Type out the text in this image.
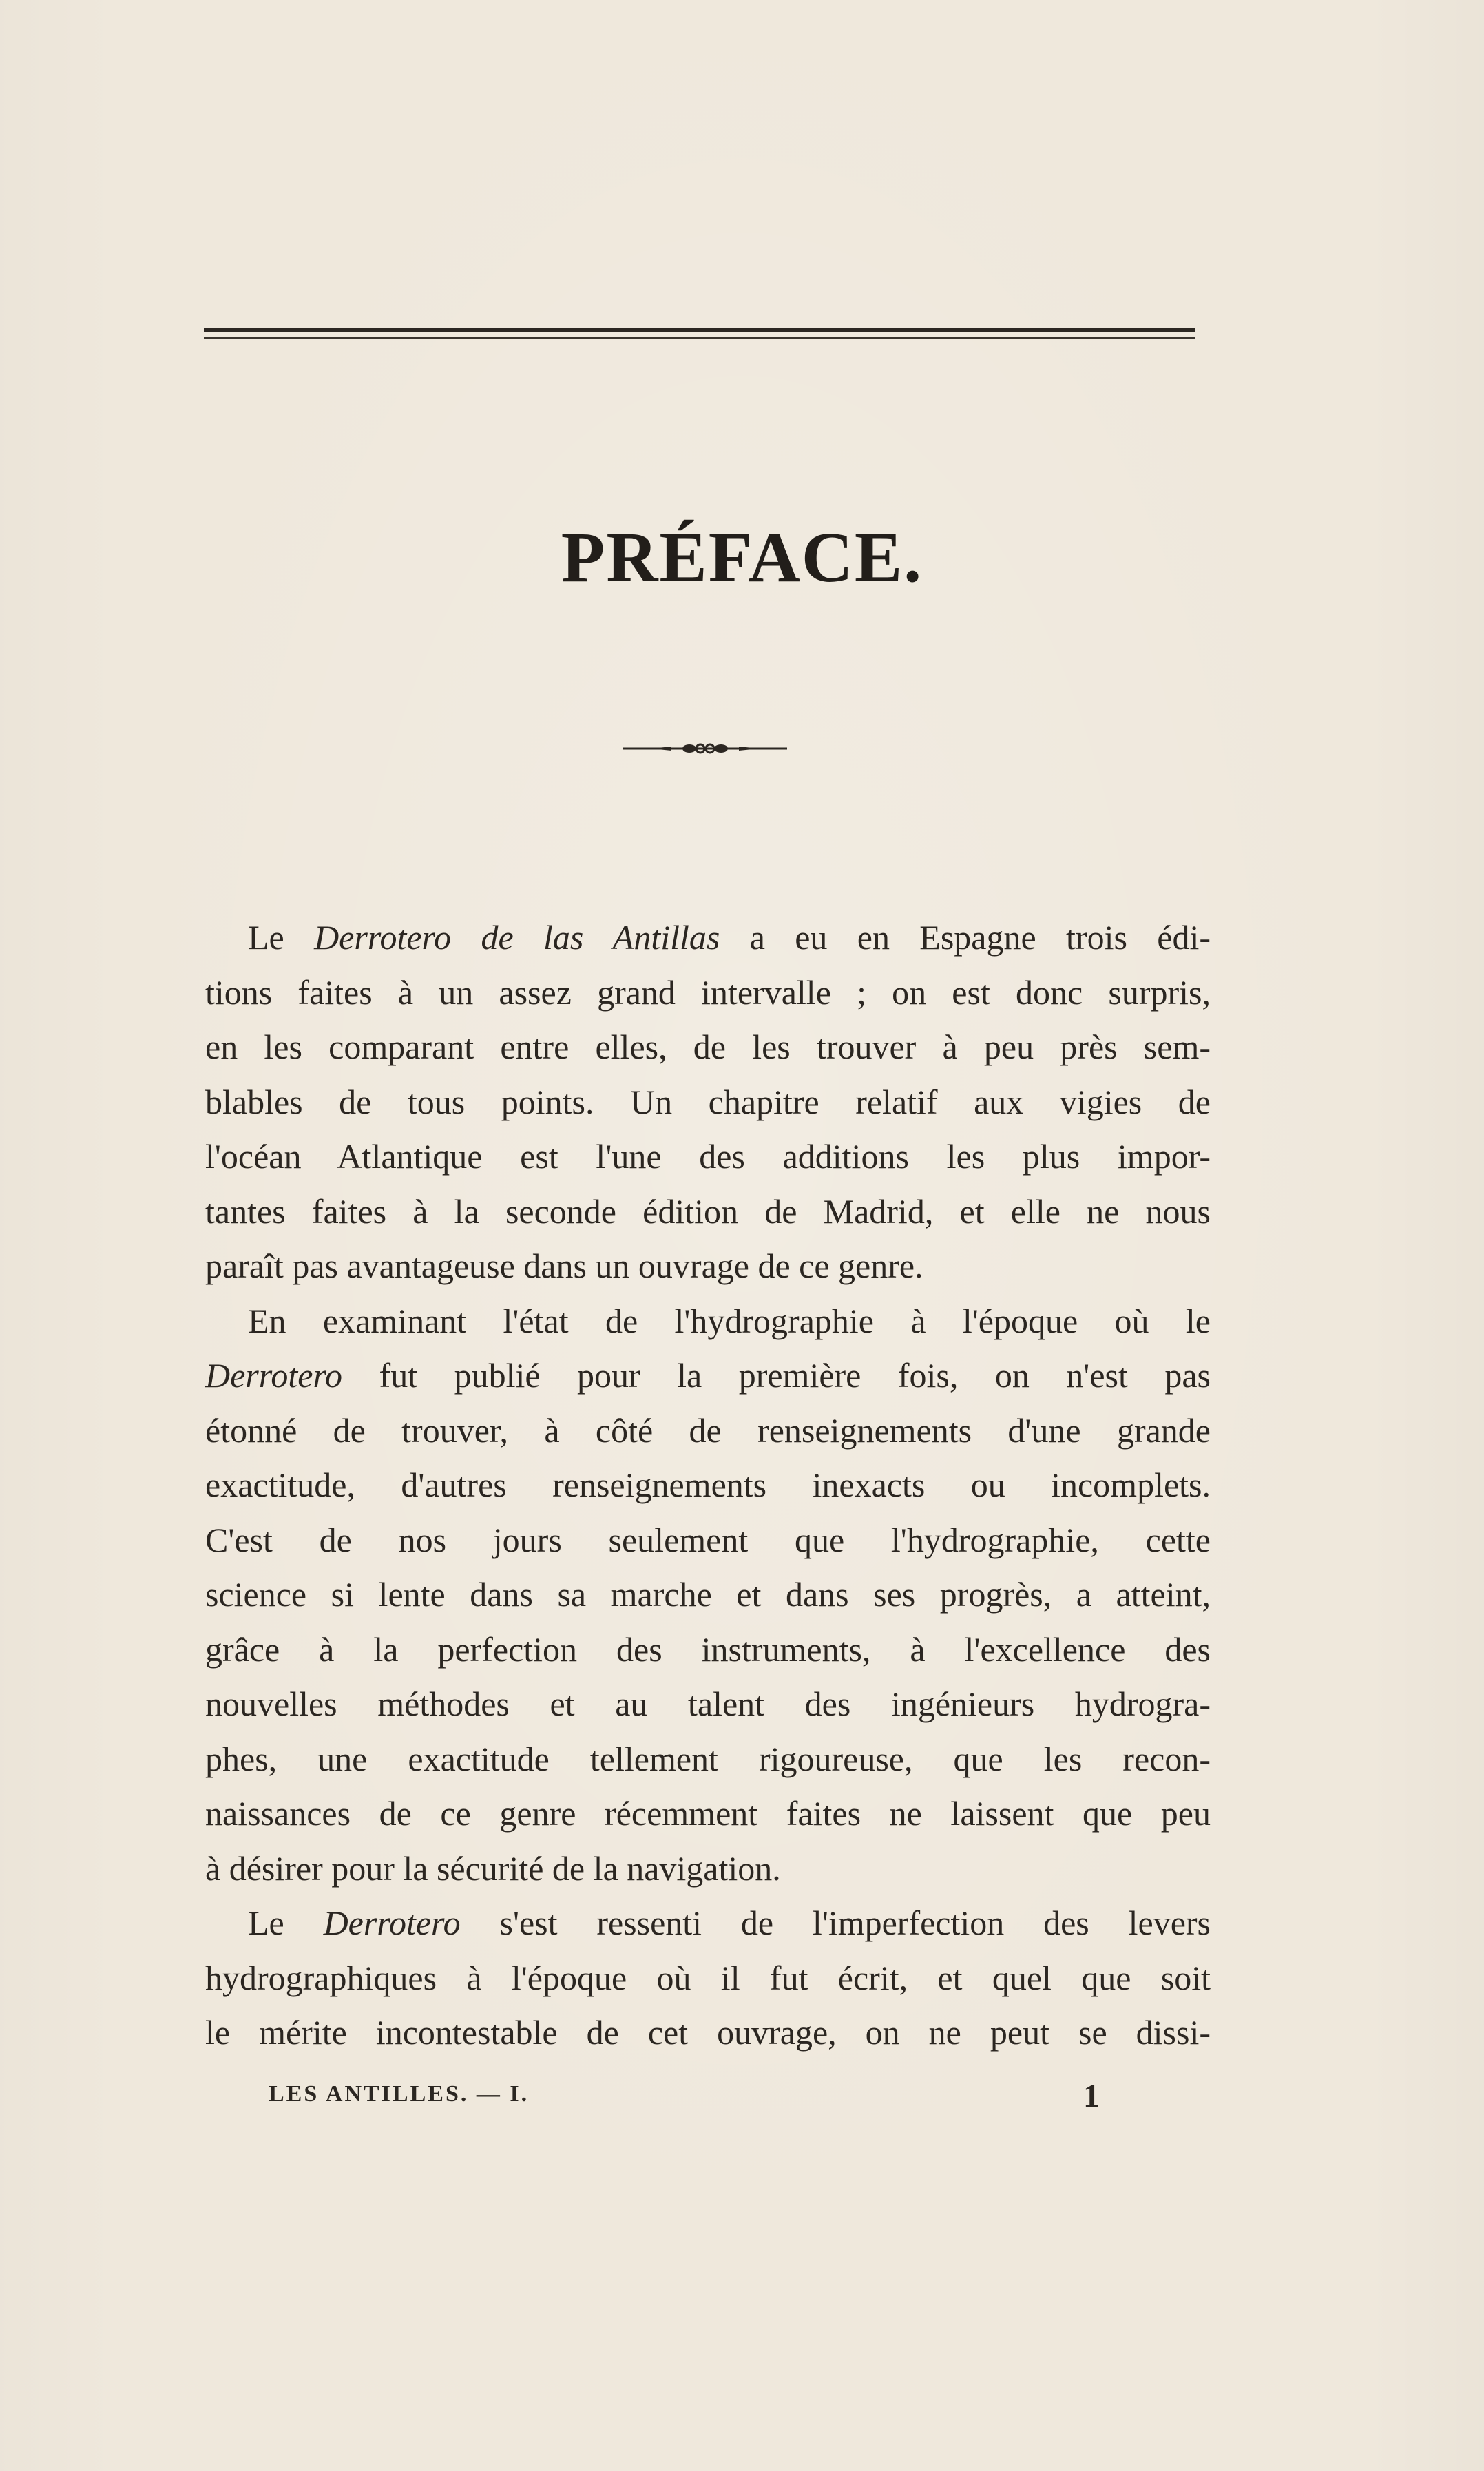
PRÉFACE.
Le Derrotero de las Antillas a eu en Espagne trois édi-
tions faites à un assez grand intervalle ; on est donc surpris,
en les comparant entre elles, de les trouver à peu près sem-
blables de tous points. Un chapitre relatif aux vigies de
l'océan Atlantique est l'une des additions les plus impor-
tantes faites à la seconde édition de Madrid, et elle ne nous
paraît pas avantageuse dans un ouvrage de ce genre.
En examinant l'état de l'hydrographie à l'époque où le
Derrotero fut publié pour la première fois, on n'est pas
étonné de trouver, à côté de renseignements d'une grande
exactitude, d'autres renseignements inexacts ou incomplets.
C'est de nos jours seulement que l'hydrographie, cette
science si lente dans sa marche et dans ses progrès, a atteint,
grâce à la perfection des instruments, à l'excellence des
nouvelles méthodes et au talent des ingénieurs hydrogra-
phes, une exactitude tellement rigoureuse, que les recon-
naissances de ce genre récemment faites ne laissent que peu
à désirer pour la sécurité de la navigation.
Le Derrotero s'est ressenti de l'imperfection des levers
hydrographiques à l'époque où il fut écrit, et quel que soit
le mérite incontestable de cet ouvrage, on ne peut se dissi-
LES ANTILLES. — I.	1
